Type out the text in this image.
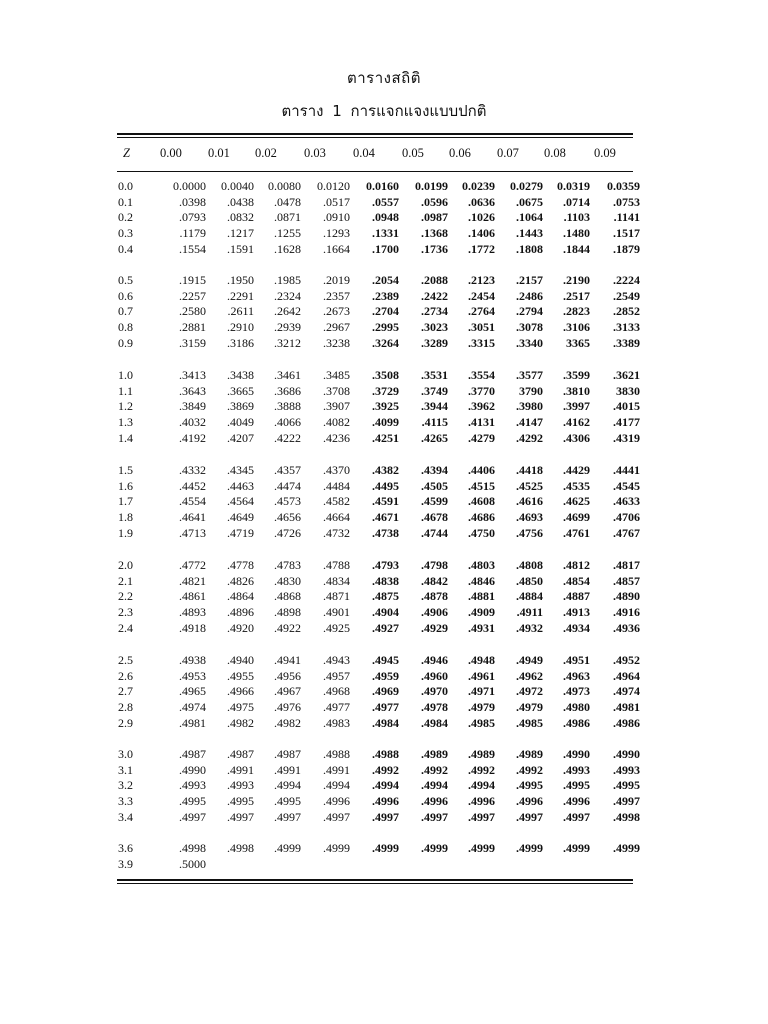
ตารางสถิติ
ตาราง 1 การแจกแจงแบบปกติ
Z 0.00 0.01 0.02 0.03 0.04 0.05 0.06 0.07 0.08 0.09
0.0	0.0000	0.0040	0.0080	0.0120	0.0160	0.0199	0.0239	0.0279	0.0319	0.0359
0.1	.0398	.0438	.0478	.0517	.0557	.0596	.0636	.0675	.0714	.0753
0.2	.0793	.0832	.0871	.0910	.0948	.0987	.1026	.1064	.1103	.1141
0.3	.1179	.1217	.1255	.1293	.1331	.1368	.1406	.1443	.1480	.1517
0.4	.1554	.1591	.1628	.1664	.1700	.1736	.1772	.1808	.1844	.1879
0.5	.1915	.1950	.1985	.2019	.2054	.2088	.2123	.2157	.2190	.2224
0.6	.2257	.2291	.2324	.2357	.2389	.2422	.2454	.2486	.2517	.2549
0.7	.2580	.2611	.2642	.2673	.2704	.2734	.2764	.2794	.2823	.2852
0.8	.2881	.2910	.2939	.2967	.2995	.3023	.3051	.3078	.3106	.3133
0.9	.3159	.3186	.3212	.3238	.3264	.3289	.3315	.3340	3365	.3389
1.0	.3413	.3438	.3461	.3485	.3508	.3531	.3554	.3577	.3599	.3621
1.1	.3643	.3665	.3686	.3708	.3729	.3749	.3770	3790	.3810	3830
1.2	.3849	.3869	.3888	.3907	.3925	.3944	.3962	.3980	.3997	.4015
1.3	.4032	.4049	.4066	.4082	.4099	.4115	.4131	.4147	.4162	.4177
1.4	.4192	.4207	.4222	.4236	.4251	.4265	.4279	.4292	.4306	.4319
1.5	.4332	.4345	.4357	.4370	.4382	.4394	.4406	.4418	.4429	.4441
1.6	.4452	.4463	.4474	.4484	.4495	.4505	.4515	.4525	.4535	.4545
1.7	.4554	.4564	.4573	.4582	.4591	.4599	.4608	.4616	.4625	.4633
1.8	.4641	.4649	.4656	.4664	.4671	.4678	.4686	.4693	.4699	.4706
1.9	.4713	.4719	.4726	.4732	.4738	.4744	.4750	.4756	.4761	.4767
2.0	.4772	.4778	.4783	.4788	.4793	.4798	.4803	.4808	.4812	.4817
2.1	.4821	.4826	.4830	.4834	.4838	.4842	.4846	.4850	.4854	.4857
2.2	.4861	.4864	.4868	.4871	.4875	.4878	.4881	.4884	.4887	.4890
2.3	.4893	.4896	.4898	.4901	.4904	.4906	.4909	.4911	.4913	.4916
2.4	.4918	.4920	.4922	.4925	.4927	.4929	.4931	.4932	.4934	.4936
2.5	.4938	.4940	.4941	.4943	.4945	.4946	.4948	.4949	.4951	.4952
2.6	.4953	.4955	.4956	.4957	.4959	.4960	.4961	.4962	.4963	.4964
2.7	.4965	.4966	.4967	.4968	.4969	.4970	.4971	.4972	.4973	.4974
2.8	.4974	.4975	.4976	.4977	.4977	.4978	.4979	.4979	.4980	.4981
2.9	.4981	.4982	.4982	.4983	.4984	.4984	.4985	.4985	.4986	.4986
3.0	.4987	.4987	.4987	.4988	.4988	.4989	.4989	.4989	.4990	.4990
3.1	.4990	.4991	.4991	.4991	.4992	.4992	.4992	.4992	.4993	.4993
3.2	.4993	.4993	.4994	.4994	.4994	.4994	.4994	.4995	.4995	.4995
3.3	.4995	.4995	.4995	.4996	.4996	.4996	.4996	.4996	.4996	.4997
3.4	.4997	.4997	.4997	.4997	.4997	.4997	.4997	.4997	.4997	.4998
3.6	.4998	.4998	.4999	.4999	.4999	.4999	.4999	.4999	.4999	.4999
3.9	.5000
